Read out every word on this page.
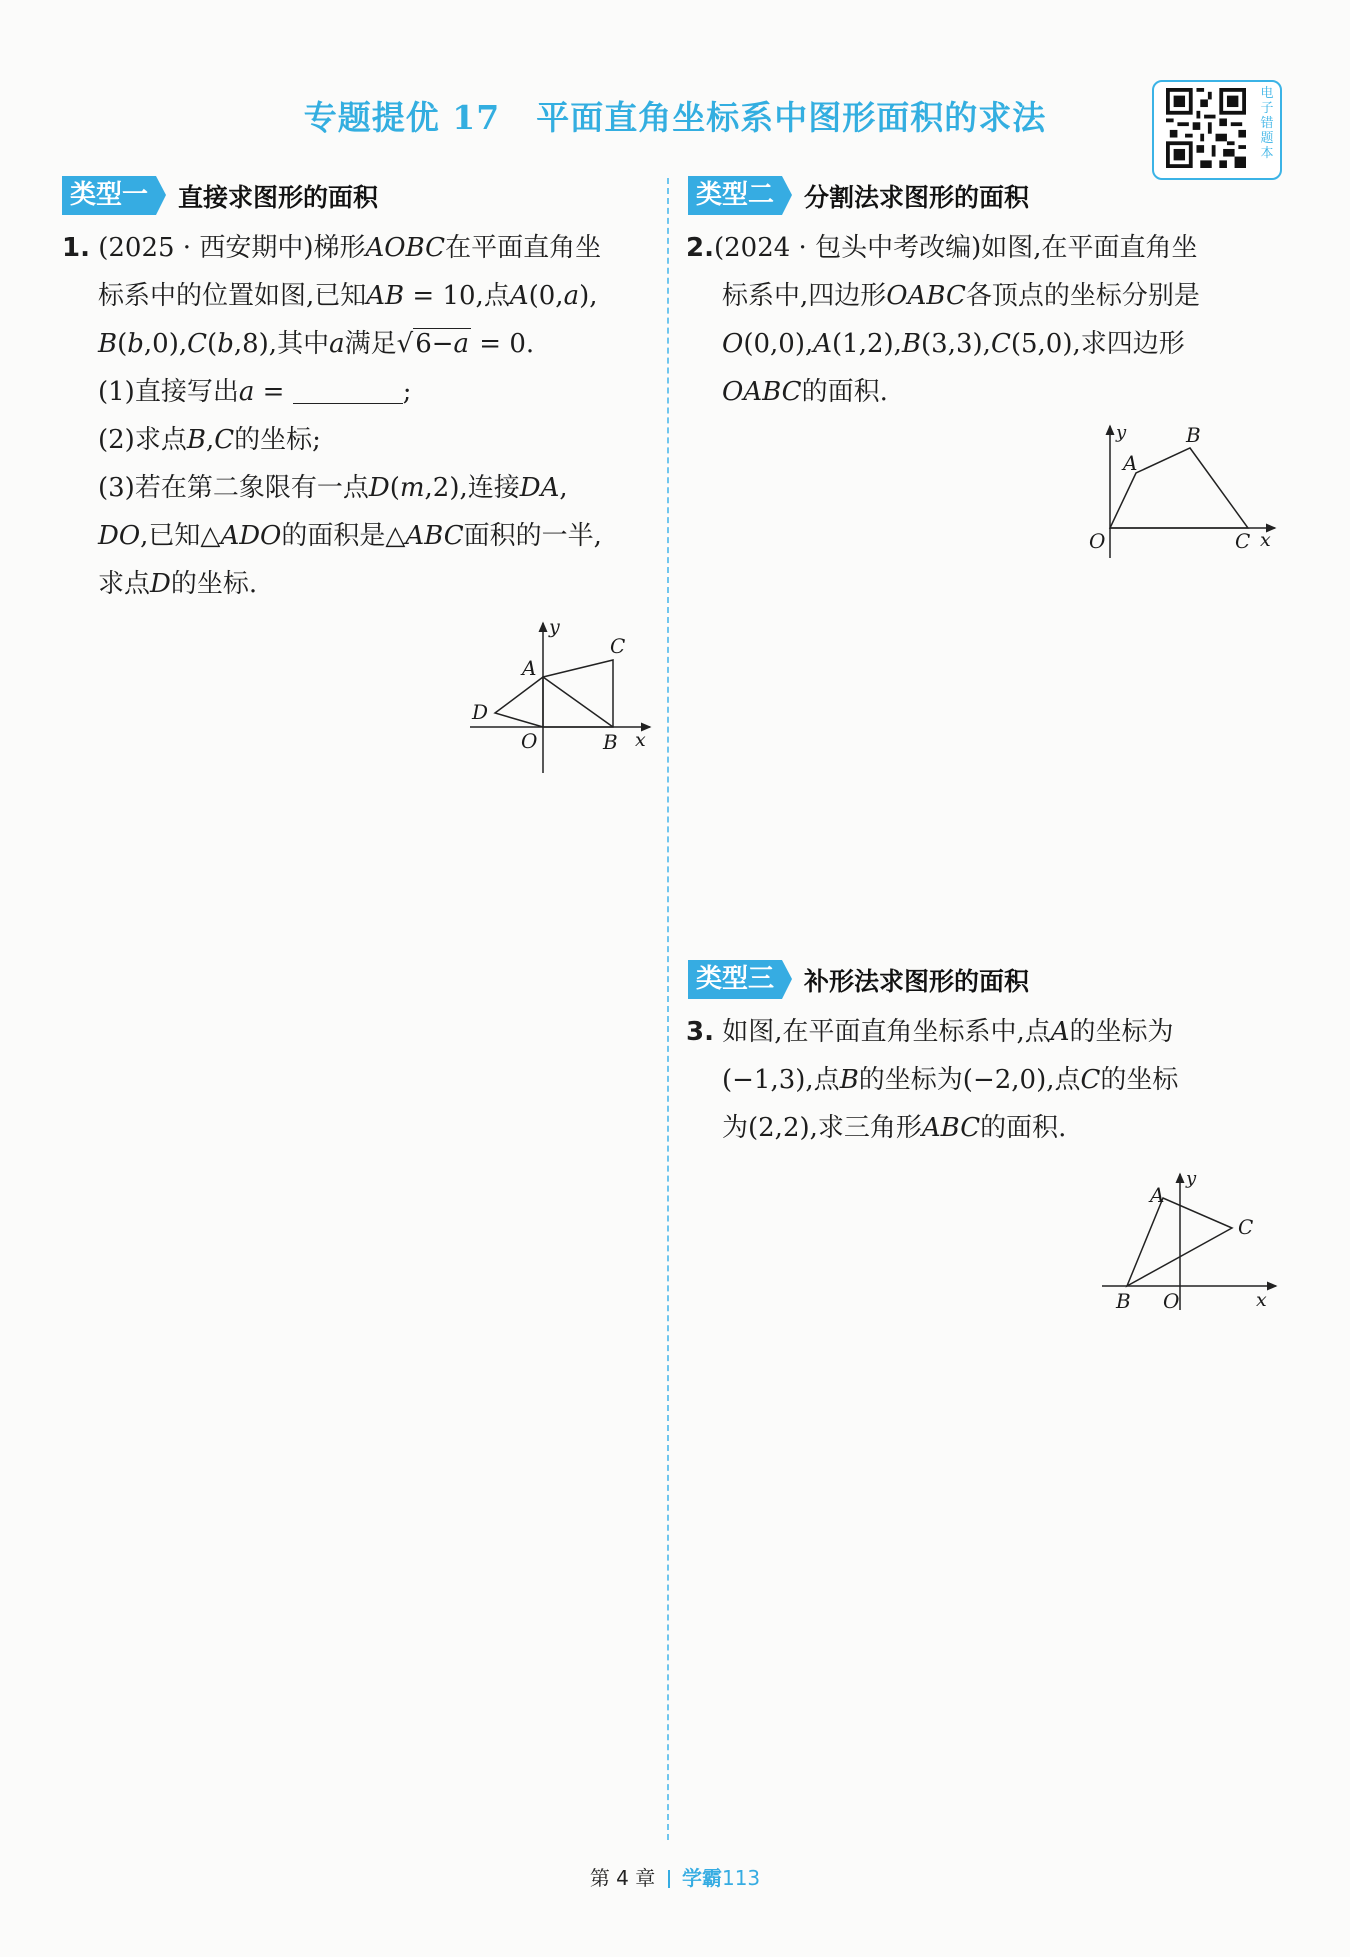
专题提优 17 平面直角坐标系中图形面积的求法
电子错题本
类型一	直接求图形的面积

1. (2025 · 西安期中)梯形AOBC在平面直角坐

标系中的位置如图,已知AB = 10,点A(0,a),

B(b,0),C(b,8),其中a满足√6−a = 0.

(1)直接写出a =	;

(2)求点B,C的坐标;

(3)若在第二象限有一点D(m,2),连接DA,

DO,已知△ADO的面积是△ABC面积的一半,

求点D的坐标.

y
x
A
C
D
O	B
类型二	分割法求图形的面积

2.(2024 · 包头中考改编)如图,在平面直角坐

标系中,四边形OABC各顶点的坐标分别是

O(0,0),A(1,2),B(3,3),C(5,0),求四边形

OABC的面积.

y
x
A
B
O	C
类型三	补形法求图形的面积

3. 如图,在平面直角坐标系中,点A的坐标为

(−1,3),点B的坐标为(−2,0),点C的坐标

为(2,2),求三角形ABC的面积.

y
x
A
C
B O
第 4 章 学霸113
